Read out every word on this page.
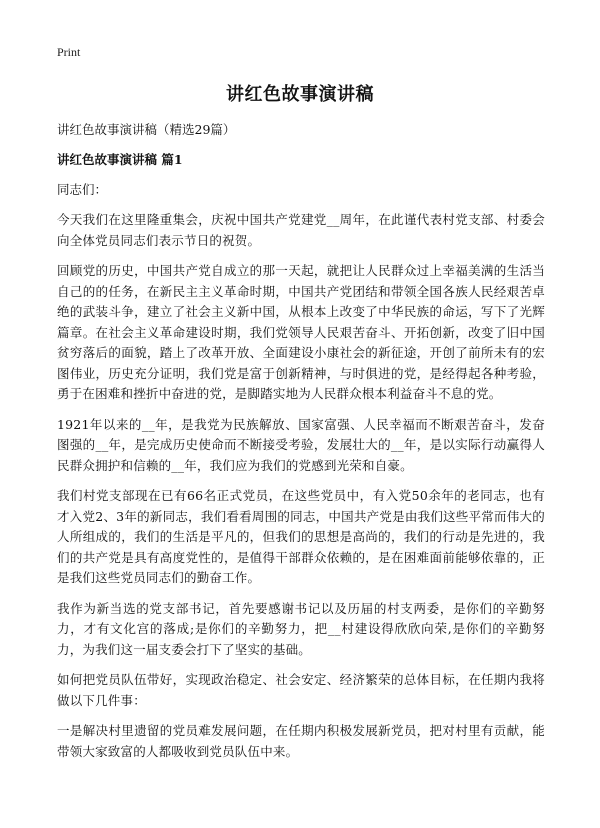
Print
讲红色故事演讲稿
讲红色故事演讲稿（精选29篇）
讲红色故事演讲稿 篇1
同志们：

今天我们在这里隆重集会，庆祝中国共产党建党__周年，在此谨代表村党支部、村委会向全体党员同志们表示节日的祝贺。

回顾党的历史，中国共产党自成立的那一天起，就把让人民群众过上幸福美满的生活当自己的的任务，在新民主主义革命时期，中国共产党团结和带领全国各族人民经艰苦卓绝的武装斗争，建立了社会主义新中国，从根本上改变了中华民族的命运，写下了光辉篇章。在社会主义革命建设时期，我们党领导人民艰苦奋斗、开拓创新，改变了旧中国贫穷落后的面貌，踏上了改革开放、全面建设小康社会的新征途，开创了前所未有的宏图伟业，历史充分证明，我们党是富于创新精神，与时俱进的党，是经得起各种考验，勇于在困难和挫折中奋进的党，是脚踏实地为人民群众根本利益奋斗不息的党。

1921年以来的__年，是我党为民族解放、国家富强、人民幸福而不断艰苦奋斗，发奋图强的__年，是完成历史使命而不断接受考验，发展壮大的__年，是以实际行动赢得人民群众拥护和信赖的__年，我们应为我们的党感到光荣和自豪。

我们村党支部现在已有66名正式党员，在这些党员中，有入党50余年的老同志，也有才入党2、3年的新同志，我们看看周围的同志，中国共产党是由我们这些平常而伟大的人所组成的，我们的生活是平凡的，但我们的思想是高尚的，我们的行动是先进的，我们的共产党是具有高度党性的，是值得干部群众依赖的，是在困难面前能够依靠的，正是我们这些党员同志们的勤奋工作。

我作为新当选的党支部书记，首先要感谢书记以及历届的村支两委，是你们的辛勤努力，才有文化宫的落成;是你们的辛勤努力，把__村建设得欣欣向荣,是你们的辛勤努力，为我们这一届支委会打下了坚实的基础。

如何把党员队伍带好，实现政治稳定、社会安定、经济繁荣的总体目标，在任期内我将做以下几件事：

一是解决村里遗留的党员难发展问题，在任期内积极发展新党员，把对村里有贡献，能带领大家致富的人都吸收到党员队伍中来。
